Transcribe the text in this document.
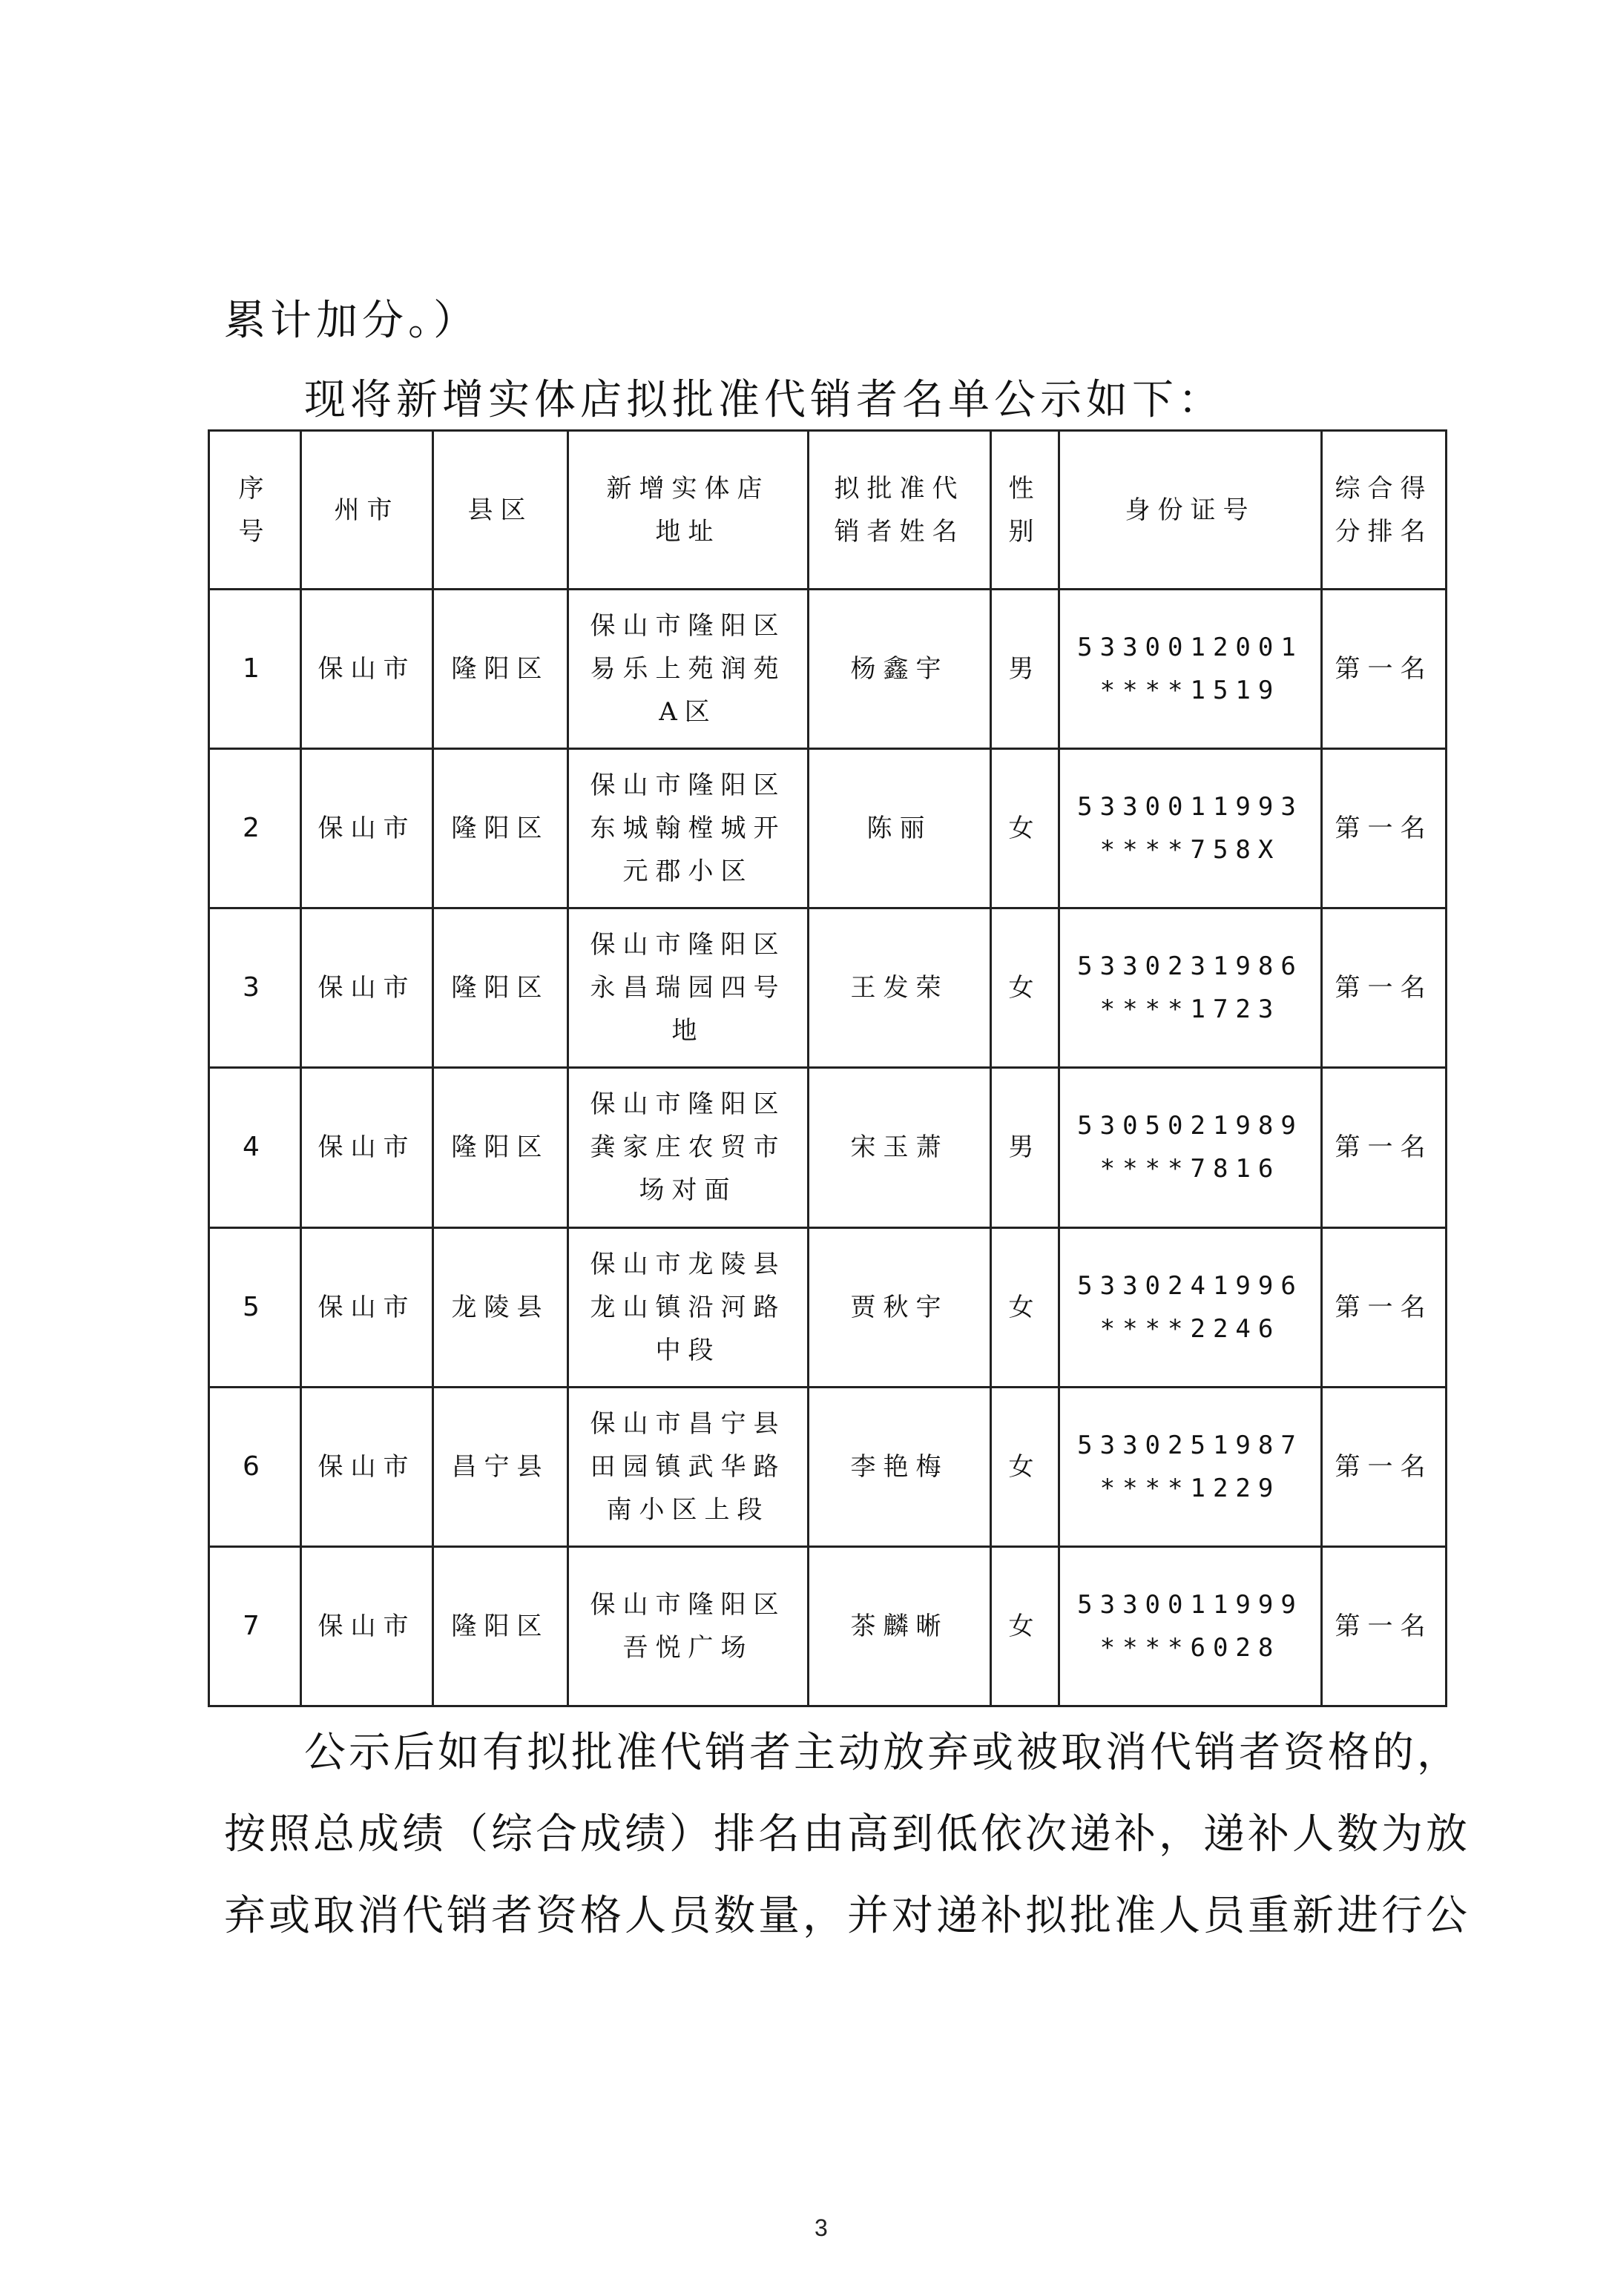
累计加分。）

现将新增实体店拟批准代销者名单公示如下：

序
号	州市	县区	新增实体店
地址	拟批准代
销者姓名	性
别	身份证号	综合得
分排名

1	保山市	隆阳区	保山市隆阳区
易乐上苑润苑
A区	杨鑫宇	男	5330012001
****1519	第一名
2	保山市	隆阳区	保山市隆阳区
东城翰樘城开
元郡小区	陈丽	女	5330011993
****758X	第一名
3	保山市	隆阳区	保山市隆阳区
永昌瑞园四号
地	王发荣	女	5330231986
****1723	第一名
4	保山市	隆阳区	保山市隆阳区
龚家庄农贸市
场对面	宋玉萧	男	5305021989
****7816	第一名
5	保山市	龙陵县	保山市龙陵县
龙山镇沿河路
中段	贾秋宇	女	5330241996
****2246	第一名
6	保山市	昌宁县	保山市昌宁县
田园镇武华路
南小区上段	李艳梅	女	5330251987
****1229	第一名
7	保山市	隆阳区	保山市隆阳区
吾悦广场	茶麟晰	女	5330011999
****6028	第一名

公示后如有拟批准代销者主动放弃或被取消代销者资格的，

按照总成绩（综合成绩）排名由高到低依次递补，递补人数为放

弃或取消代销者资格人员数量，并对递补拟批准人员重新进行公

3
